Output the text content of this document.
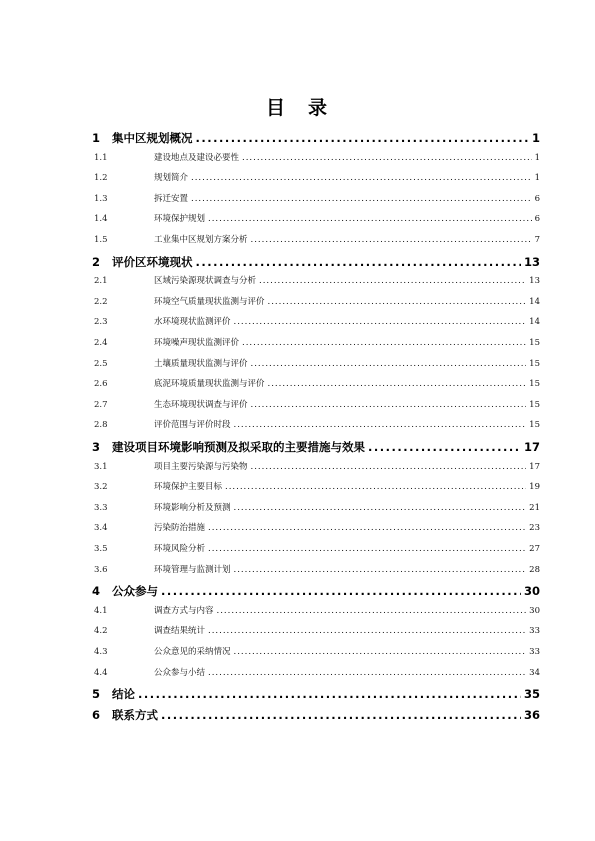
目　录
1	集中区规划概况 .....	1
1.1	建设地点及建设必要性 .....	1
1.2	规划简介 .....	1
1.3	拆迁安置 .....	6
1.4	环境保护规划 .....	6
1.5	工业集中区规划方案分析 .....	7
2	评价区环境现状 .....	13
2.1	区域污染源现状调查与分析 .....	13
2.2	环境空气质量现状监测与评价 .....	14
2.3	水环境现状监测评价 .....	14
2.4	环境噪声现状监测评价 .....	15
2.5	土壤质量现状监测与评价 .....	15
2.6	底泥环境质量现状监测与评价 .....	15
2.7	生态环境现状调查与评价 .....	15
2.8	评价范围与评价时段 .....	15
3	建设项目环境影响预测及拟采取的主要措施与效果 .....	17
3.1	项目主要污染源与污染物 .....	17
3.2	环境保护主要目标 .....	19
3.3	环境影响分析及预测 .....	21
3.4	污染防治措施 .....	23
3.5	环境风险分析 .....	27
3.6	环境管理与监测计划 .....	28
4	公众参与 .....	30
4.1	调查方式与内容 .....	30
4.2	调查结果统计 .....	33
4.3	公众意见的采纳情况 .....	33
4.4	公众参与小结 .....	34
5	结论 .....	35
6	联系方式 .....	36
